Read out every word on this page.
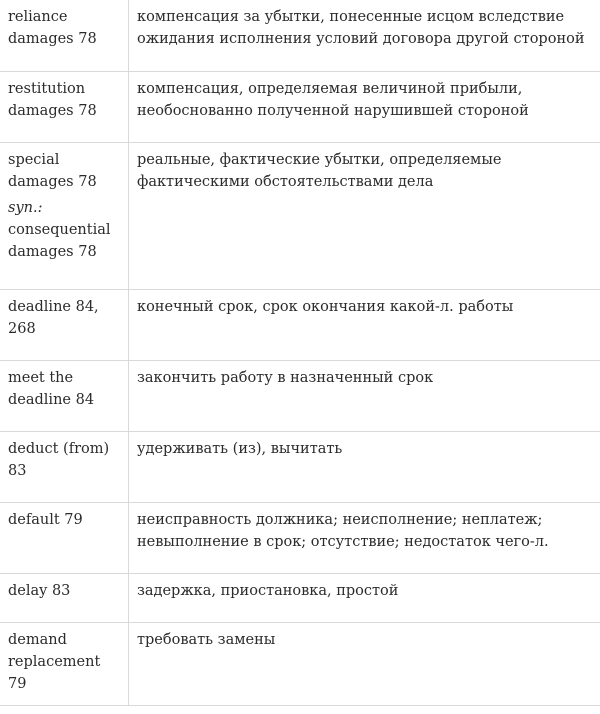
reliance damages 78	компенсация за убытки, понесенные исцом вследствие ожидания исполнения условий договора другой стороной
restitution damages 78	компенсация, определяемая величиной прибыли, необоснованно полученной нарушившей стороной

special damages 78
syn.: consequential damages 78	реальные, фактические убытки, определяемые фактическими обстоятельствами дела
deadline 84, 268	конечный срок, срок окончания какой-л. работы
meet the deadline 84	закончить работу в назначенный срок
deduct (from) 83	удерживать (из), вычитать
default 79	неисправность должника; неисполнение; неплатеж; невыполнение в срок; отсутствие; недостаток чего-л.
delay 83	задержка, приостановка, простой
demand replacement 79	требовать замены
